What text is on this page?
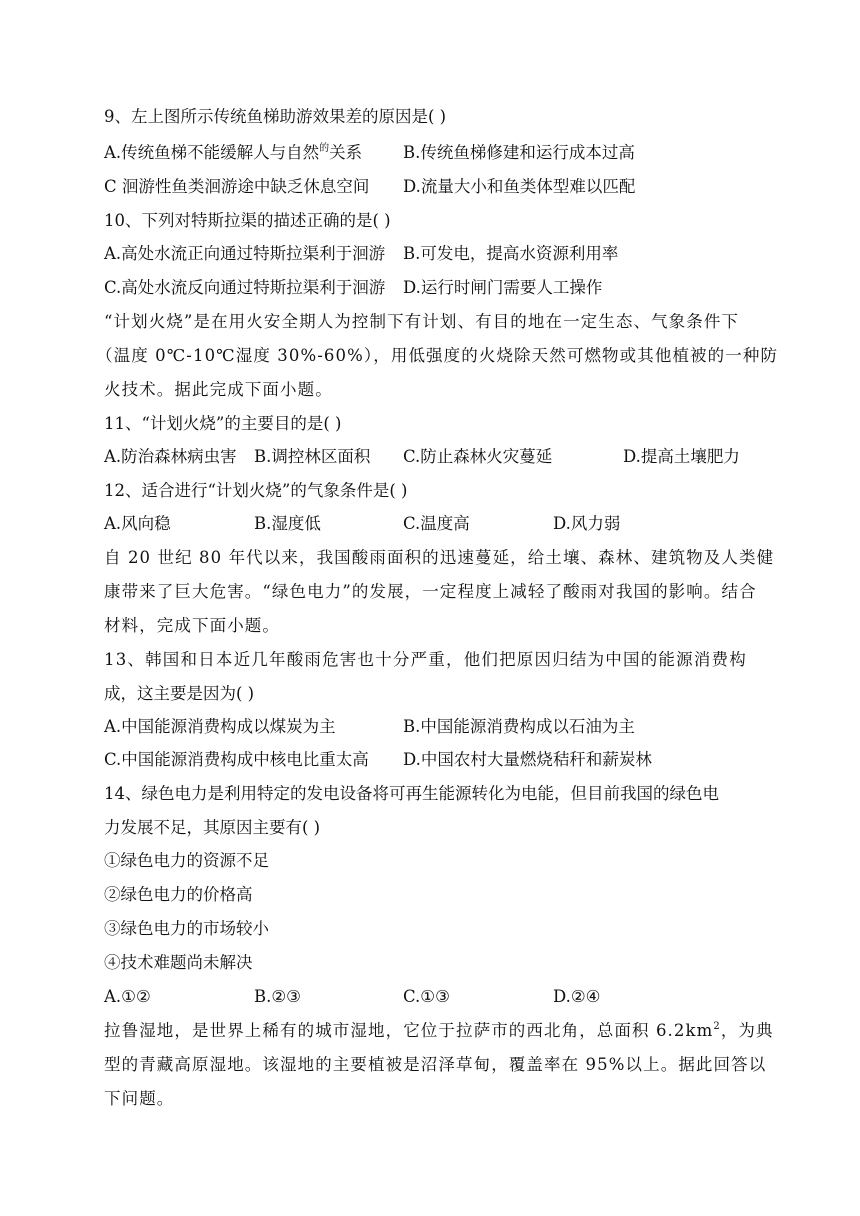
9、左上图所示传统鱼梯助游效果差的原因是( )
A.传统鱼梯不能缓解人与自然$^的$关系 B.传统鱼梯修建和运行成本过高
C 洄游性鱼类洄游途中缺乏休息空间 D.流量大小和鱼类体型难以匹配
10、下列对特斯拉渠的描述正确的是( )
A.高处水流正向通过特斯拉渠利于洄游 B.可发电，提高水资源利用率
C.高处水流反向通过特斯拉渠利于洄游 D.运行时闸门需要人工操作
“计划火烧”是在用火安全期人为控制下有计划、有目的地在一定生态、气象条件下
（温度 0℃-10℃湿度 30%-60%），用低强度的火烧除天然可燃物或其他植被的一种防
火技术。据此完成下面小题。
11、“计划火烧”的主要目的是( )
A.防治森林病虫害 B.调控林区面积 C.防止森林火灾蔓延	D.提高土壤肥力
12、适合进行“计划火烧”的气象条件是( )
A.风向稳	B.湿度低	C.温度高	D.风力弱
自 20 世纪 80 年代以来，我国酸雨面积的迅速蔓延，给土壤、森林、建筑物及人类健
康带来了巨大危害。“绿色电力”的发展，一定程度上减轻了酸雨对我国的影响。结合
材料，完成下面小题。
13、韩国和日本近几年酸雨危害也十分严重，他们把原因归结为中国的能源消费构
成，这主要是因为( )
A.中国能源消费构成以煤炭为主	B.中国能源消费构成以石油为主
C.中国能源消费构成中核电比重太高 D.中国农村大量燃烧秸秆和薪炭林
14、绿色电力是利用特定的发电设备将可再生能源转化为电能，但目前我国的绿色电
力发展不足，其原因主要有( )
①绿色电力的资源不足
②绿色电力的价格高
③绿色电力的市场较小
④技术难题尚未解决
A.①②	B.②③	C.①③	D.②④
拉鲁湿地，是世界上稀有的城市湿地，它位于拉萨市的西北角，总面积 $6.2km^2$，为典
型的青藏高原湿地。该湿地的主要植被是沼泽草甸，覆盖率在 95%以上。据此回答以
下问题。
